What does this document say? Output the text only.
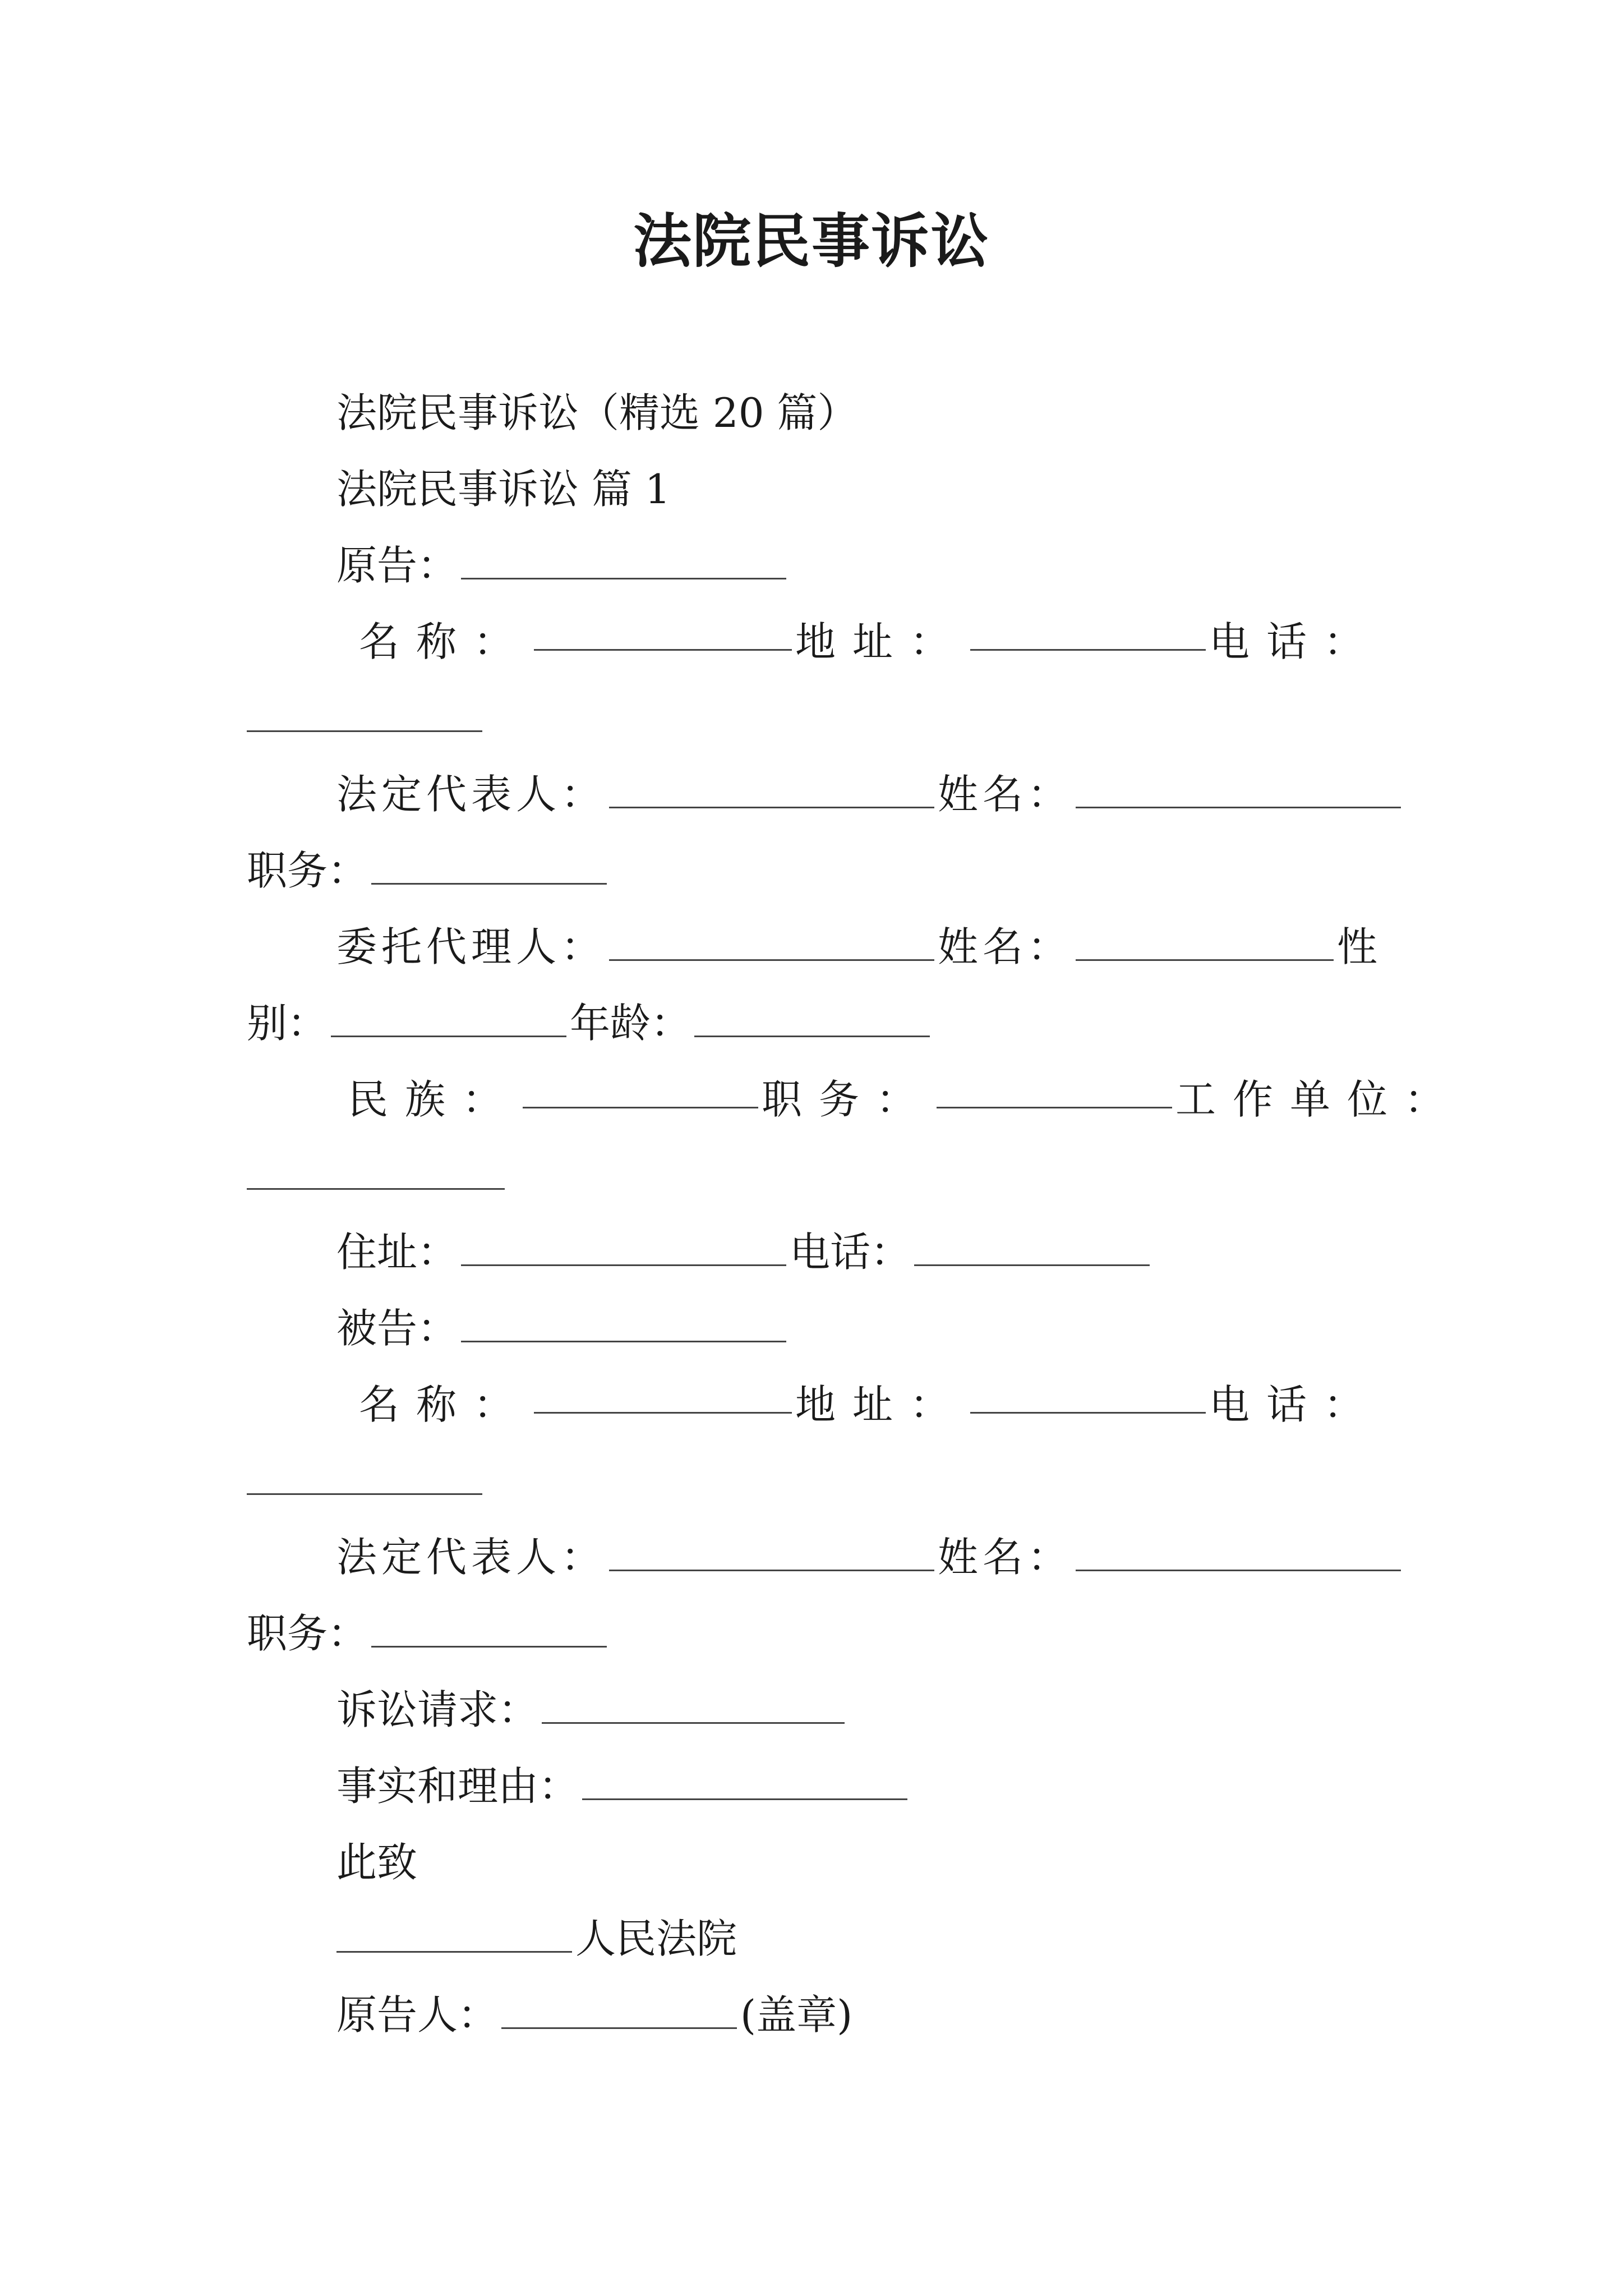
法院民事诉讼
法院民事诉讼（精选 20 篇）
法院民事诉讼 篇 1
原告：
名称：	地址：	电话：
法定代表人：	姓名：
职务：
委托代理人：	姓名：	性
别：	年龄：
民族：	职务：	工作单位：
住址：	电话：
被告：
名称：	地址：	电话：
法定代表人：	姓名：
职务：
诉讼请求：
事实和理由：
此致
人民法院
原告人：	(盖章)
